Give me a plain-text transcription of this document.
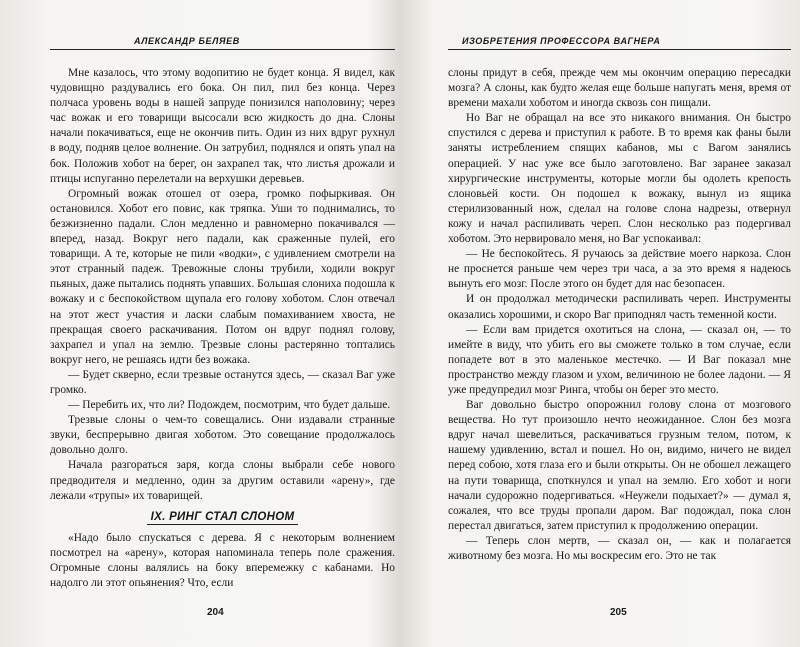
АЛЕКСАНДР БЕЛЯЕВ

Мне казалось, что этому водопитию не будет конца. Я видел, как чудовищно раздувались его бока. Он пил, пил без конца. Через полчаса уровень воды в нашей запруде понизился наполовину; через час вожак и его товарищи высосали всю жидкость до дна. Слоны начали покачиваться, еще не окончив пить. Один из них вдруг рухнул в воду, подняв целое волнение. Он затрубил, поднялся и опять упал на бок. Положив хобот на берег, он захрапел так, что листья дрожали и птицы испуганно перелетали на верхушки деревьев.

Огромный вожак отошел от озера, громко пофыркивая. Он остановился. Хобот его повис, как тряпка. Уши то поднимались, то безжизненно падали. Слон медленно и равномерно покачивался — вперед, назад. Вокруг него падали, как сраженные пулей, его товарищи. А те, которые не пили «водки», с удивлением смотрели на этот странный падеж. Тревожные слоны трубили, ходили вокруг пьяных, даже пытались поднять упавших. Большая слониха подошла к вожаку и с беспокойством щупала его голову хоботом. Слон отвечал на этот жест участия и ласки слабым помахиванием хвоста, не прекращая своего раскачивания. Потом он вдруг поднял голову, захрапел и упал на землю. Трезвые слоны растерянно топтались вокруг него, не решаясь идти без вожака.

— Будет скверно, если трезвые останутся здесь, — сказал Ваг уже громко.

— Перебить их, что ли? Подождем, посмотрим, что будет дальше.

Трезвые слоны о чем-то совещались. Они издавали странные звуки, беспрерывно двигая хоботом. Это совещание продолжалось довольно долго.

Начала разгораться заря, когда слоны выбрали себе нового предводителя и медленно, один за другим оставили «арену», где лежали «трупы» их товарищей.

IX. РИНГ СТАЛ СЛОНОМ

«Надо было спускаться с дерева. Я с некоторым волнением посмотрел на «арену», которая напоминала теперь поле сражения. Огромные слоны валялись на боку вперемежку с кабанами. Но надолго ли этот опьянения? Что, если

204
ИЗОБРЕТЕНИЯ ПРОФЕССОРА ВАГНЕРА

слоны придут в себя, прежде чем мы окончим операцию пересадки мозга? А слоны, как будто желая еще больше напугать меня, время от времени махали хоботом и иногда сквозь сон пищали.

Но Ваг не обращал на все это никакого внимания. Он быстро спустился с дерева и приступил к работе. В то время как фаны были заняты истреблением спящих кабанов, мы с Вагом занялись операцией. У нас уже все было заготовлено. Ваг заранее заказал хирургические инструменты, которые могли бы одолеть крепость слоновьей кости. Он подошел к вожаку, вынул из ящика стерилизованный нож, сделал на голове слона надрезы, отвернул кожу и начал распиливать череп. Слон несколько раз подергивал хоботом. Это нервировало меня, но Ваг успокаивал:

— Не беспокойтесь. Я ручаюсь за действие моего наркоза. Слон не проснется раньше чем через три часа, а за это время я надеюсь вынуть его мозг. После этого он будет для нас безопасен.

И он продолжал методически распиливать череп. Инструменты оказались хорошими, и скоро Ваг приподнял часть теменной кости.

— Если вам придется охотиться на слона, — сказал он, — то имейте в виду, что убить его вы сможете только в том случае, если попадете вот в это маленькое местечко. — И Ваг показал мне пространство между глазом и ухом, величиною не более ладони. — Я уже предупредил мозг Ринга, чтобы он берег это место.

Ваг довольно быстро опорожнил голову слона от мозгового вещества. Но тут произошло нечто неожиданное. Слон без мозга вдруг начал шевелиться, раскачиваться грузным телом, потом, к нашему удивлению, встал и пошел. Но он, видимо, ничего не видел перед собою, хотя глаза его и были открыты. Он не обошел лежащего на пути товарища, споткнулся и упал на землю. Его хобот и ноги начали судорожно подергиваться. «Неужели подыхает?» — думал я, сожалея, что все труды пропали даром. Ваг подождал, пока слон перестал двигаться, затем приступил к продолжению операции.

— Теперь слон мертв, — сказал он, — как и полагается животному без мозга. Но мы воскресим его. Это не так

205
